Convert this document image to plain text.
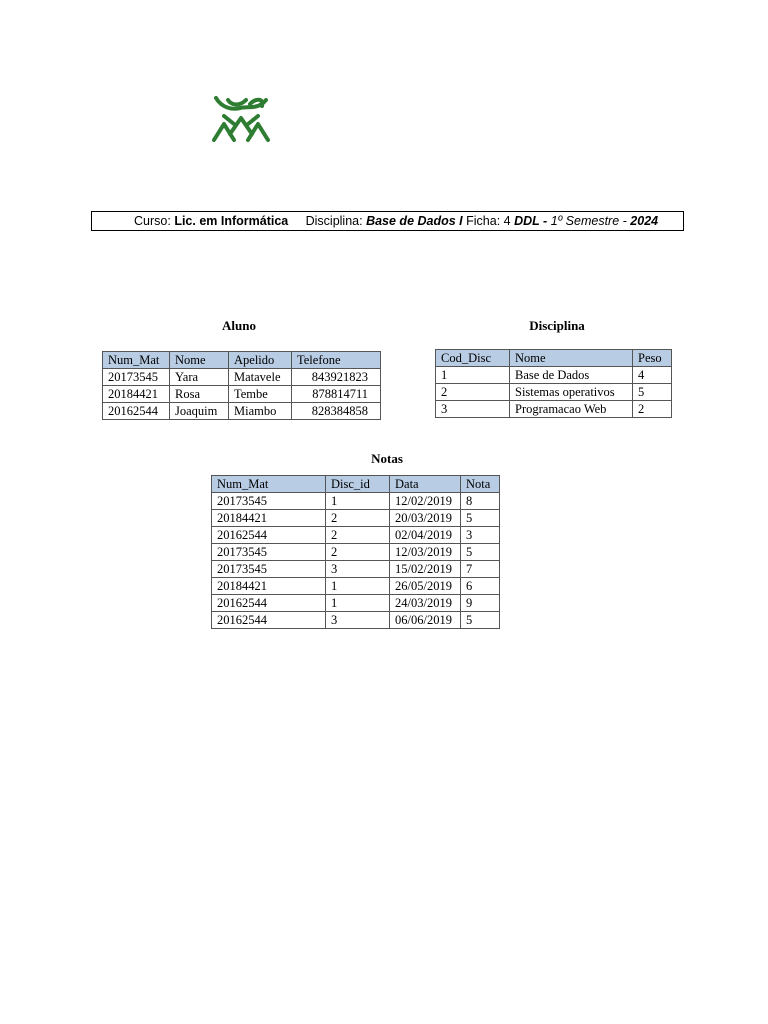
Curso: Lic. em Informática Disciplina: Base de Dados I Ficha: 4 DDL - 1º Semestre - 2024
Aluno
Num_Mat	Nome	Apelido	Telefone
20173545	Yara	Matavele	843921823
20184421	Rosa	Tembe	878814711
20162544	Joaquim	Miambo	828384858
Disciplina
Cod_Disc	Nome	Peso
1	Base de Dados	4
2	Sistemas operativos	5
3	Programacao Web	2
Notas
Num_Mat	Disc_id	Data	Nota
20173545	1	12/02/2019	8
20184421	2	20/03/2019	5
20162544	2	02/04/2019	3
20173545	2	12/03/2019	5
20173545	3	15/02/2019	7
20184421	1	26/05/2019	6
20162544	1	24/03/2019	9
20162544	3	06/06/2019	5
